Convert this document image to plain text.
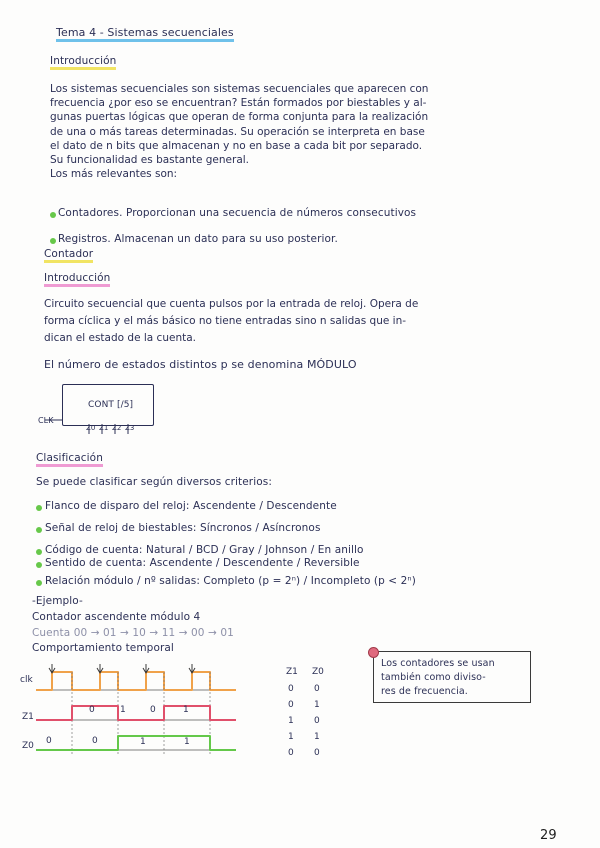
Tema 4 - Sistemas secuenciales
Introducción

Los sistemas secuenciales son sistemas secuenciales que aparecen con

frecuencia ¿por eso se encuentran? Están formados por biestables y al-

gunas puertas lógicas que operan de forma conjunta para la realización

de una o más tareas determinadas. Su operación se interpreta en base

el dato de n bits que almacenan y no en base a cada bit por separado.

Su funcionalidad es bastante general.

Los más relevantes son:

Contadores. Proporcionan una secuencia de números consecutivos
Registros. Almacenan un dato para su uso posterior.
Contador
Introducción

Circuito secuencial que cuenta pulsos por la entrada de reloj. Opera de

forma cíclica y el más básico no tiene entradas sino n salidas que in-

dican el estado de la cuenta.

El número de estados distintos p se denomina MÓDULO
CONT [/5]
CLK
Z0 Z1 Z2 Z3
Clasificación
Se puede clasificar según diversos criterios:
Flanco de disparo del reloj: Ascendente / Descendente
Señal de reloj de biestables: Síncronos / Asíncronos
Código de cuenta: Natural / BCD / Gray / Johnson / En anillo
Sentido de cuenta: Ascendente / Descendente / Reversible
Relación módulo / nº salidas: Completo (p = 2ⁿ) / Incompleto (p < 2ⁿ)
-Ejemplo-
Contador ascendente módulo 4
Cuenta 00 → 01 → 10 → 11 → 00 → 01
Comportamiento temporal
clk
Z1
Z0
0	1	0	1
0	0	1	1
Z1 Z0
0 0
0 1
1 0
1 1
0 0
Los contadores se usan
también como diviso-
res de frecuencia.
29
